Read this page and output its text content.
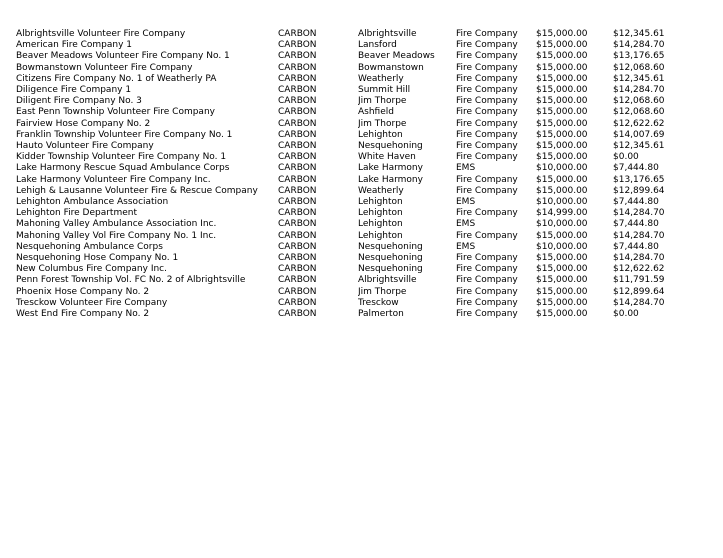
Albrightsville Volunteer Fire Company	CARBON	Albrightsville	Fire Company	$15,000.00	$12,345.61
American Fire Company 1	CARBON	Lansford	Fire Company	$15,000.00	$14,284.70
Beaver Meadows Volunteer Fire Company No. 1	CARBON	Beaver Meadows	Fire Company	$15,000.00	$13,176.65
Bowmanstown Volunteer Fire Company	CARBON	Bowmanstown	Fire Company	$15,000.00	$12,068.60
Citizens Fire Company No. 1 of Weatherly PA	CARBON	Weatherly	Fire Company	$15,000.00	$12,345.61
Diligence Fire Company 1	CARBON	Summit Hill	Fire Company	$15,000.00	$14,284.70
Diligent Fire Company No. 3	CARBON	Jim Thorpe	Fire Company	$15,000.00	$12,068.60
East Penn Township Volunteer Fire Company	CARBON	Ashfield	Fire Company	$15,000.00	$12,068.60
Fairview Hose Company No. 2	CARBON	Jim Thorpe	Fire Company	$15,000.00	$12,622.62
Franklin Township Volunteer Fire Company No. 1	CARBON	Lehighton	Fire Company	$15,000.00	$14,007.69
Hauto Volunteer Fire Company	CARBON	Nesquehoning	Fire Company	$15,000.00	$12,345.61
Kidder Township Volunteer Fire Company No. 1	CARBON	White Haven	Fire Company	$15,000.00	$0.00
Lake Harmony Rescue Squad Ambulance Corps	CARBON	Lake Harmony	EMS	$10,000.00	$7,444.80
Lake Harmony Volunteer Fire Company Inc.	CARBON	Lake Harmony	Fire Company	$15,000.00	$13,176.65
Lehigh & Lausanne Volunteer Fire & Rescue Company	CARBON	Weatherly	Fire Company	$15,000.00	$12,899.64
Lehighton Ambulance Association	CARBON	Lehighton	EMS	$10,000.00	$7,444.80
Lehighton Fire Department	CARBON	Lehighton	Fire Company	$14,999.00	$14,284.70
Mahoning Valley Ambulance Association Inc.	CARBON	Lehighton	EMS	$10,000.00	$7,444.80
Mahoning Valley Vol Fire Company No. 1 Inc.	CARBON	Lehighton	Fire Company	$15,000.00	$14,284.70
Nesquehoning Ambulance Corps	CARBON	Nesquehoning	EMS	$10,000.00	$7,444.80
Nesquehoning Hose Company No. 1	CARBON	Nesquehoning	Fire Company	$15,000.00	$14,284.70
New Columbus Fire Company Inc.	CARBON	Nesquehoning	Fire Company	$15,000.00	$12,622.62
Penn Forest Township Vol. FC No. 2 of Albrightsville	CARBON	Albrightsville	Fire Company	$15,000.00	$11,791.59
Phoenix Hose Company No. 2	CARBON	Jim Thorpe	Fire Company	$15,000.00	$12,899.64
Tresckow Volunteer Fire Company	CARBON	Tresckow	Fire Company	$15,000.00	$14,284.70
West End Fire Company No. 2	CARBON	Palmerton	Fire Company	$15,000.00	$0.00
